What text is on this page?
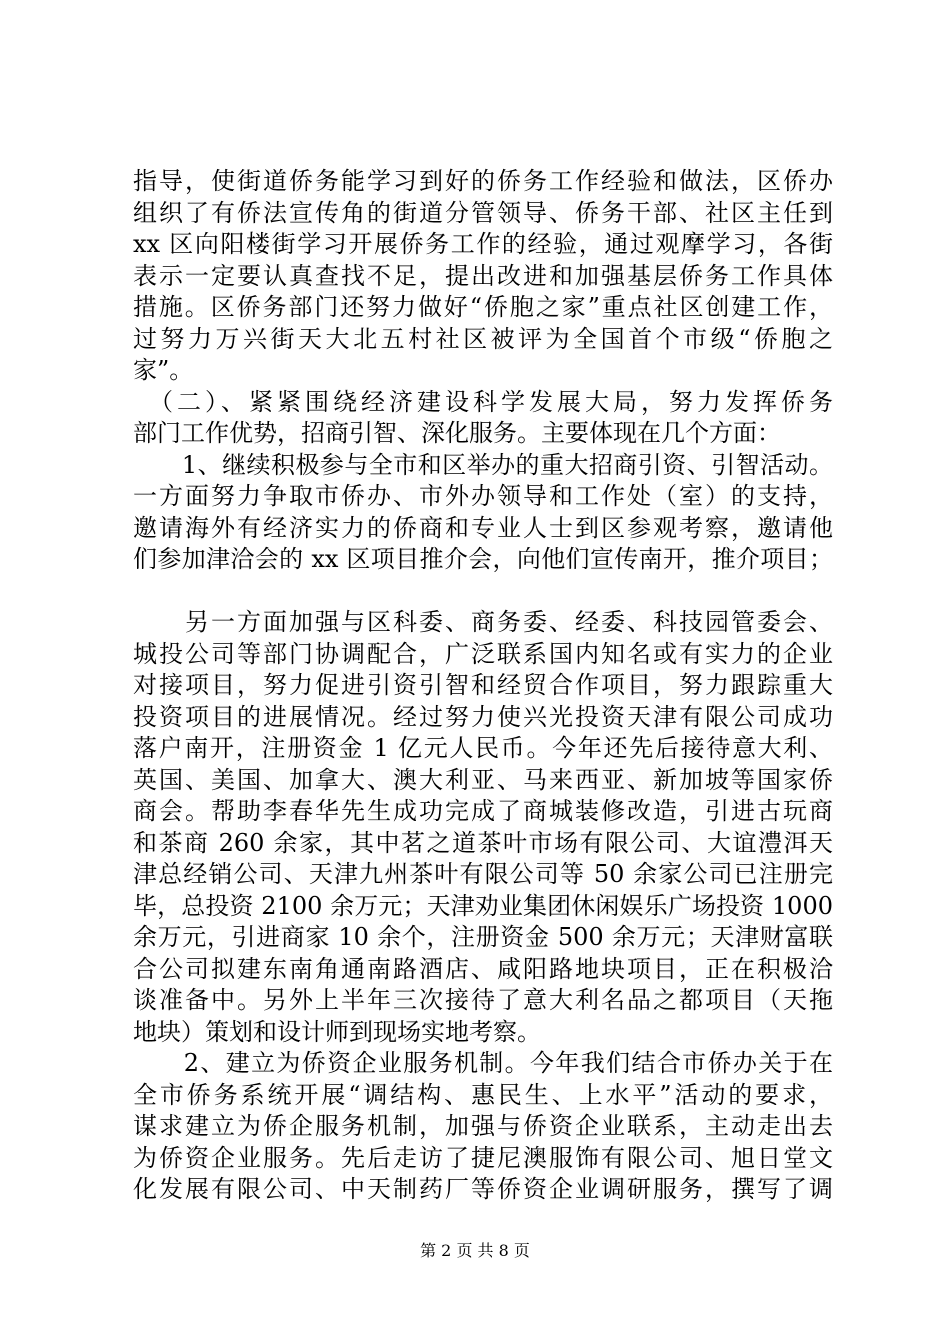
指导，使街道侨务能学习到好的侨务工作经验和做法，区侨办
组织了有侨法宣传角的街道分管领导、侨务干部、社区主任到
xx 区向阳楼街学习开展侨务工作的经验，通过观摩学习，各街
表示一定要认真查找不足，提出改进和加强基层侨务工作具体
措施。区侨务部门还努力做好“侨胞之家”重点社区创建工作，
过努力万兴街天大北五村社区被评为全国首个市级“侨胞之
家”。
　（二）、紧紧围绕经济建设科学发展大局，努力发挥侨务
部门工作优势，招商引智、深化服务。主要体现在几个方面：
　　1、继续积极参与全市和区举办的重大招商引资、引智活动。
一方面努力争取市侨办、市外办领导和工作处（室）的支持，
邀请海外有经济实力的侨商和专业人士到区参观考察，邀请他
们参加津洽会的 xx 区项目推介会，向他们宣传南开，推介项目；
　　另一方面加强与区科委、商务委、经委、科技园管委会、
城投公司等部门协调配合，广泛联系国内知名或有实力的企业
对接项目，努力促进引资引智和经贸合作项目，努力跟踪重大
投资项目的进展情况。经过努力使兴光投资天津有限公司成功
落户南开，注册资金 1 亿元人民币。今年还先后接待意大利、
英国、美国、加拿大、澳大利亚、马来西亚、新加坡等国家侨
商会。帮助李春华先生成功完成了商城装修改造，引进古玩商
和茶商 260 余家，其中茗之道茶叶市场有限公司、大谊澧洱天
津总经销公司、天津九州茶叶有限公司等 50 余家公司已注册完
毕，总投资 2100 余万元；天津劝业集团休闲娱乐广场投资 1000
余万元，引进商家 10 余个，注册资金 500 余万元；天津财富联
合公司拟建东南角通南路酒店、咸阳路地块项目，正在积极洽
谈准备中。另外上半年三次接待了意大利名品之都项目（天拖
地块）策划和设计师到现场实地考察。
　　2、建立为侨资企业服务机制。今年我们结合市侨办关于在
全市侨务系统开展“调结构、惠民生、上水平”活动的要求，
谋求建立为侨企服务机制，加强与侨资企业联系，主动走出去
为侨资企业服务。先后走访了捷尼澳服饰有限公司、旭日堂文
化发展有限公司、中天制药厂等侨资企业调研服务，撰写了调
第 2 页 共 8 页
